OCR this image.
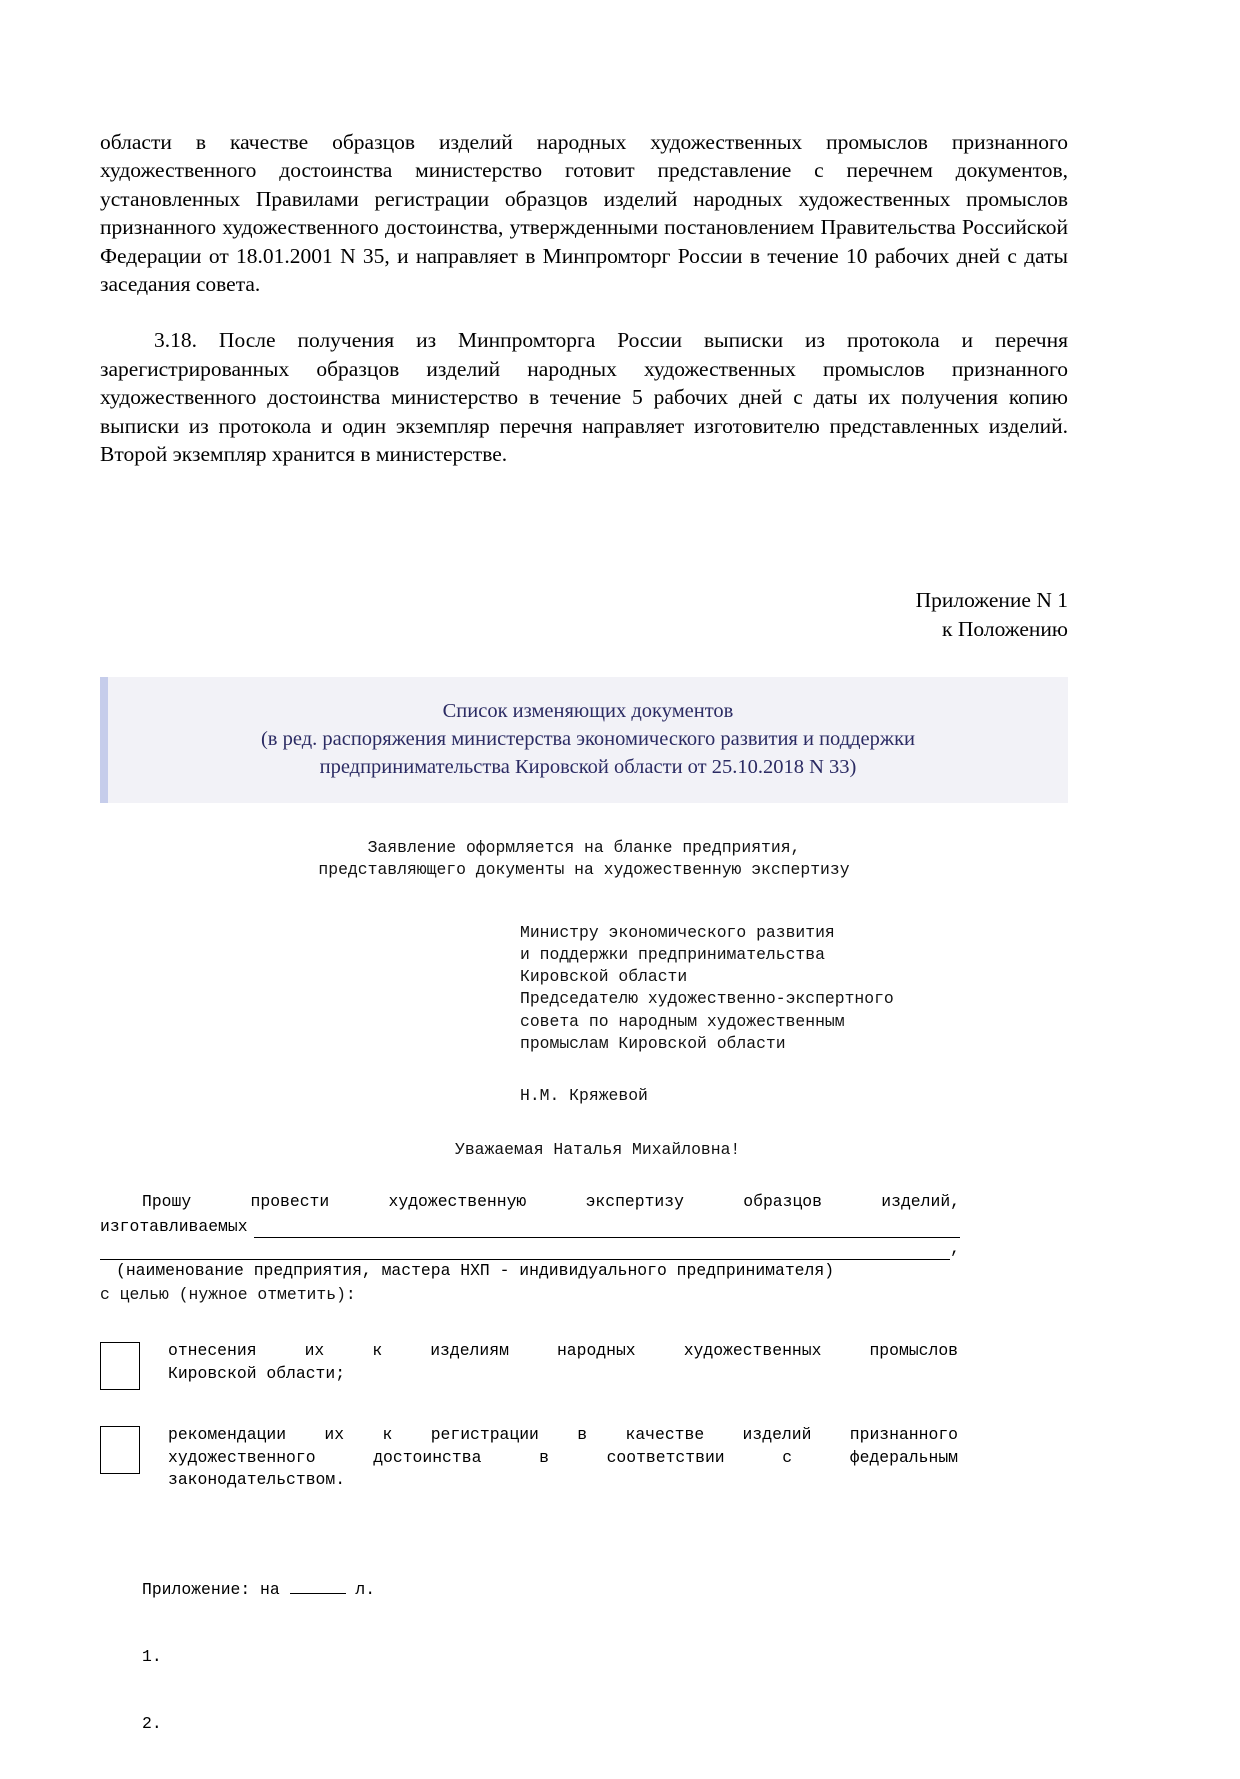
области в качестве образцов изделий народных художественных промыслов признанного художественного достоинства министерство готовит представление с перечнем документов, установленных Правилами регистрации образцов изделий народных художественных промыслов признанного художественного достоинства, утвержденными постановлением Правительства Российской Федерации от 18.01.2001 N 35, и направляет в Минпромторг России в течение 10 рабочих дней с даты заседания совета.

3.18. После получения из Минпромторга России выписки из протокола и перечня зарегистрированных образцов изделий народных художественных промыслов признанного художественного достоинства министерство в течение 5 рабочих дней с даты их получения копию выписки из протокола и один экземпляр перечня направляет изготовителю представленных изделий. Второй экземпляр хранится в министерстве.

Приложение N 1
к Положению

Список изменяющих документов

(в ред. распоряжения министерства экономического развития и поддержки

предпринимательства Кировской области от 25.10.2018 N 33)

Заявление оформляется на бланке предприятия,
представляющего документы на художественную экспертизу
Министру экономического развития
и поддержки предпринимательства
Кировской области
Председателю художественно-экспертного
совета по народным художественным
промыслам Кировской области
Н.М. Кряжевой
Уважаемая Наталья Михайловна!
Прошу провести художественную экспертизу образцов изделий,
изготавливаемых
,
(наименование предприятия, мастера НХП - индивидуального предпринимателя)
с целью (нужное отметить):
отнесения их к изделиям народных художественных промыслов
Кировской области;
рекомендации их к регистрации в качестве изделий признанного
художественного достоинства в соответствии с федеральным
законодательством.

Приложение: на	л.

1.

2.
